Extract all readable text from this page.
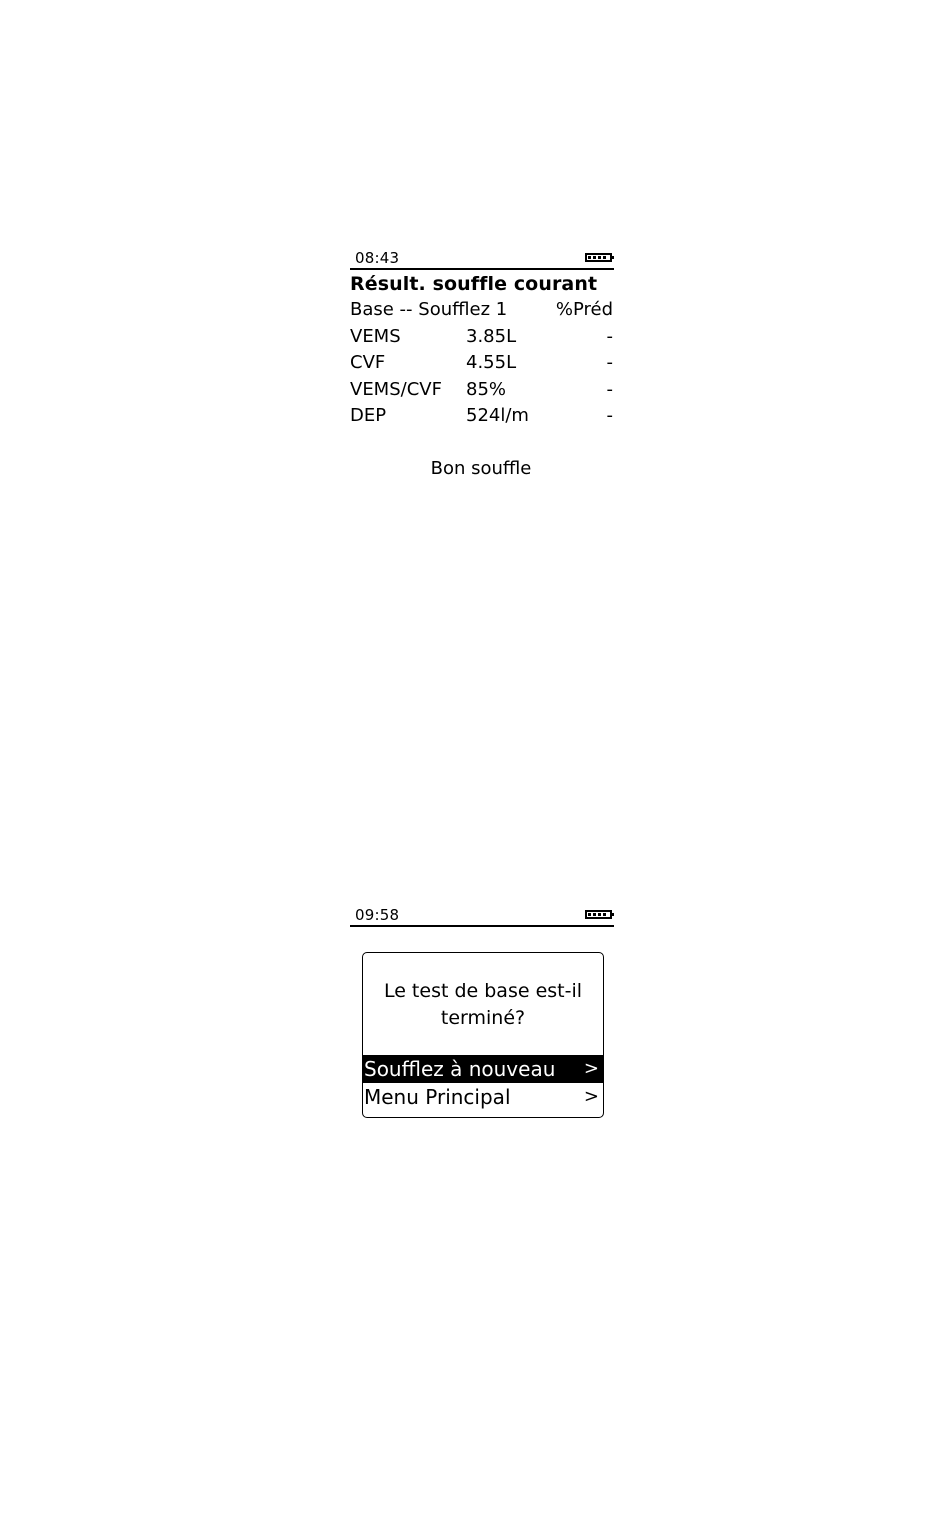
08:43
Résult. souffle courant
Base -- Soufflez 1	%Préd
VEMS	3.85L	-
CVF	4.55L	-
VEMS/CVF 85%	-
DEP	524l/m	-
Bon souffle
09:58
Le test de base est-il terminé?
Soufflez à nouveau >
Menu Principal	>
